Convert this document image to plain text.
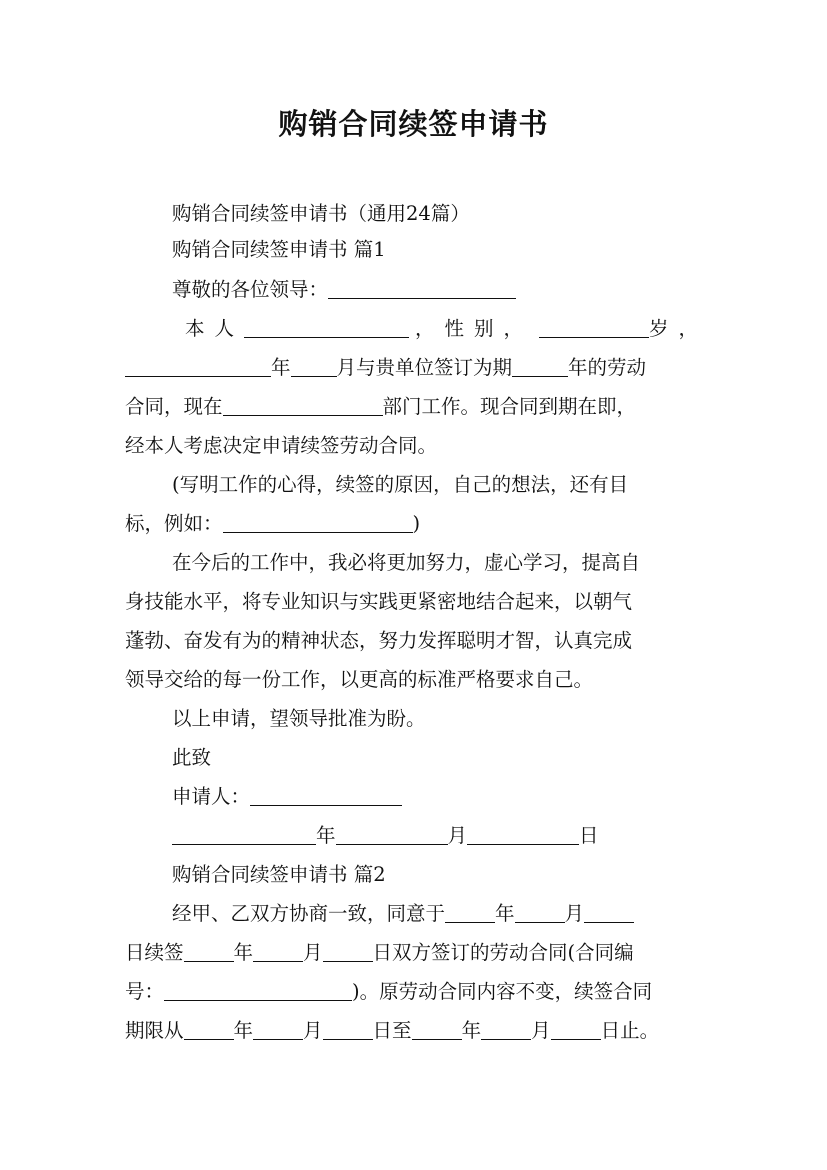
购销合同续签申请书

购销合同续签申请书（通用24篇）

购销合同续签申请书 篇1

尊敬的各位领导：

本人	，性别，	岁，

年 月与贵单位签订为期	年的劳动

合同，现在	部门工作。现合同到期在即，

经本人考虑决定申请续签劳动合同。

(写明工作的心得，续签的原因，自己的想法，还有目

标，例如：	)

在今后的工作中，我必将更加努力，虚心学习，提高自

身技能水平，将专业知识与实践更紧密地结合起来，以朝气

蓬勃、奋发有为的精神状态，努力发挥聪明才智，认真完成

领导交给的每一份工作，以更高的标准严格要求自己。

以上申请，望领导批准为盼。

此致

申请人：

年	月	日

购销合同续签申请书 篇2

经甲、乙双方协商一致，同意于	年	月

日续签	年	月	日双方签订的劳动合同(合同编

号：	)。原劳动合同内容不变，续签合同

期限从	年	月	日至	年	月	日止。
